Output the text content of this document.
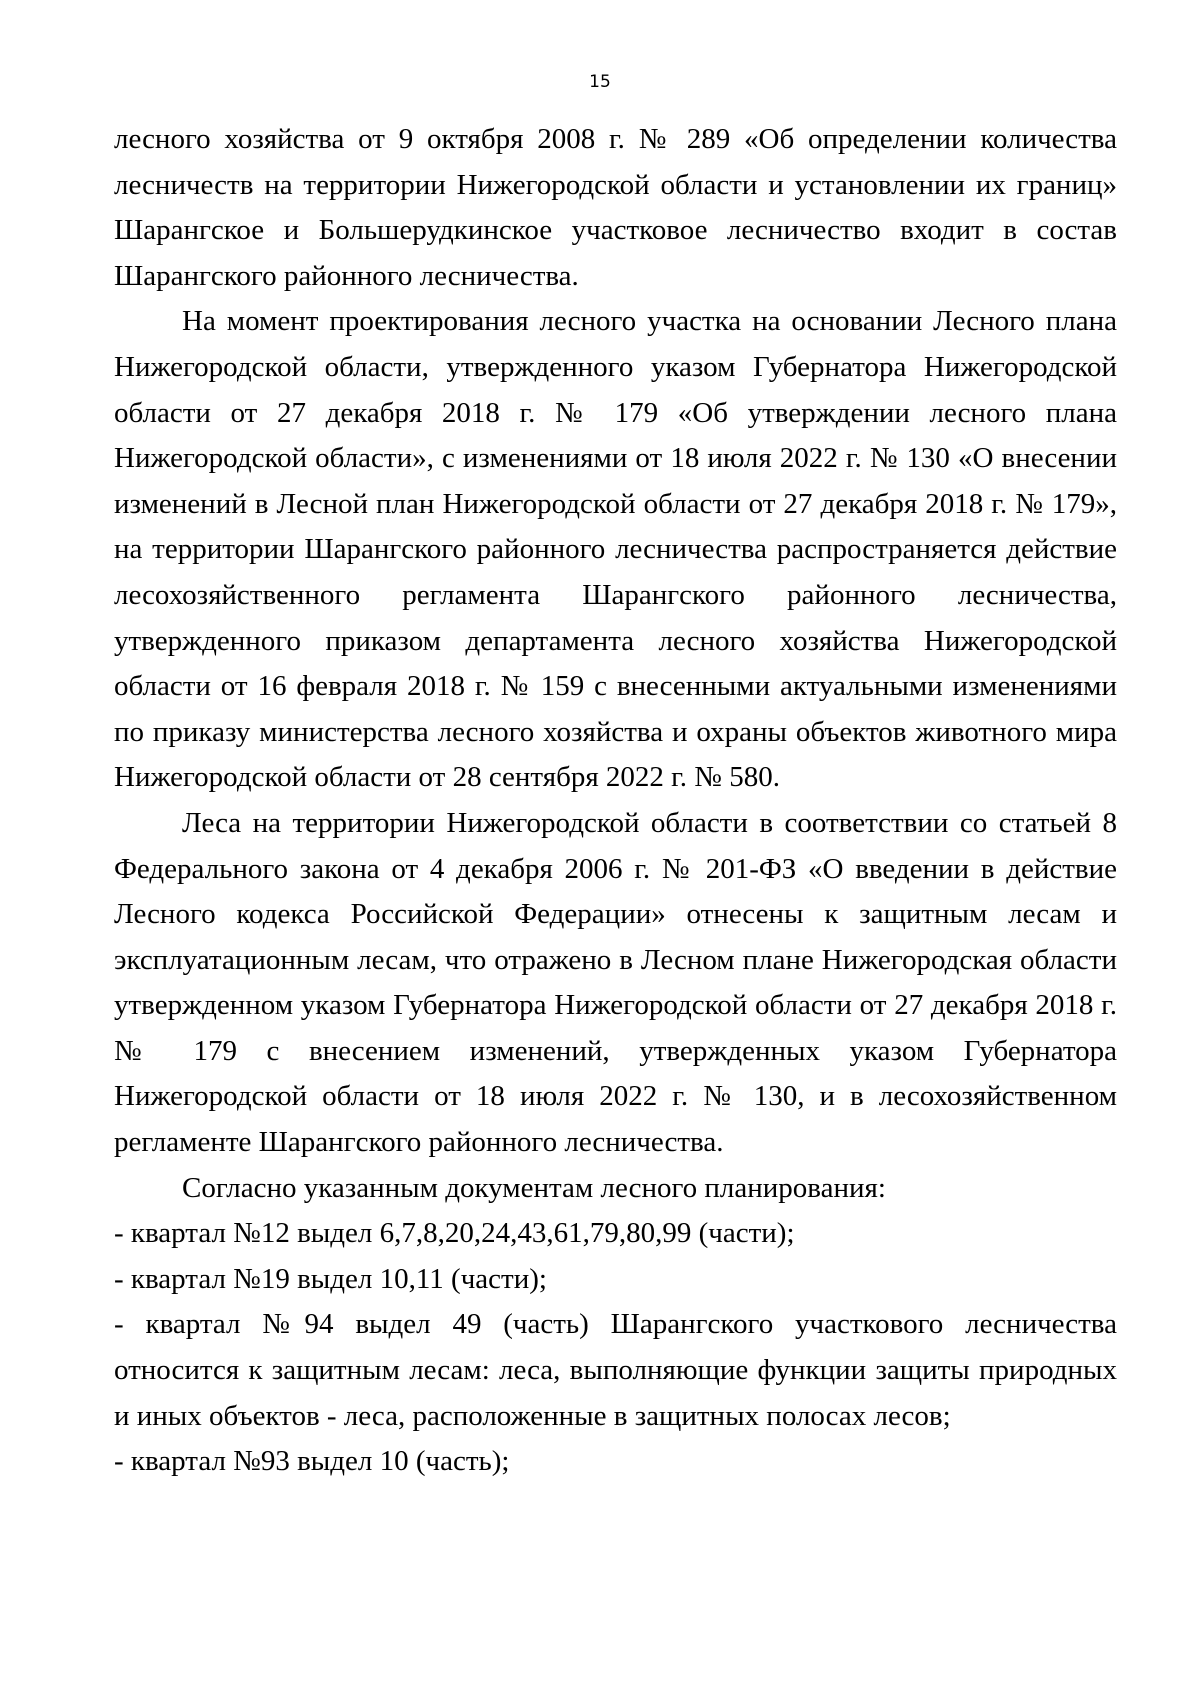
15

лесного хозяйства от 9 октября 2008 г. № 289 «Об определении количества лесничеств на территории Нижегородской области и установлении их границ» Шарангское и Большерудкинское участковое лесничество входит в состав Шарангского районного лесничества.

На момент проектирования лесного участка на основании Лесного плана Нижегородской области, утвержденного указом Губернатора Нижегородской области от 27 декабря 2018 г. № 179 «Об утверждении лесного плана Нижегородской области», с изменениями от 18 июля 2022 г. № 130 «О внесении изменений в Лесной план Нижегородской области от 27 декабря 2018 г. № 179», на территории Шарангского районного лесничества распространяется действие лесохозяйственного регламента Шарангского районного лесничества, утвержденного приказом департамента лесного хозяйства Нижегородской области от 16 февраля 2018 г. № 159 с внесенными актуальными изменениями по приказу министерства лесного хозяйства и охраны объектов животного мира Нижегородской области от 28 сентября 2022 г. № 580.

Леса на территории Нижегородской области в соответствии со статьей 8 Федерального закона от 4 декабря 2006 г. № 201-ФЗ «О введении в действие Лесного кодекса Российской Федерации» отнесены к защитным лесам и эксплуатационным лесам, что отражено в Лесном плане Нижегородская области утвержденном указом Губернатора Нижегородской области от 27 декабря 2018 г. № 179 с внесением изменений, утвержденных указом Губернатора Нижегородской области от 18 июля 2022 г. № 130, и в лесохозяйственном регламенте Шарангского районного лесничества.

Согласно указанным документам лесного планирования:

- квартал №12 выдел 6,7,8,20,24,43,61,79,80,99 (части);

- квартал №19 выдел 10,11 (части);

- квартал №94 выдел 49 (часть) Шарангского участкового лесничества относится к защитным лесам: леса, выполняющие функции защиты природных и иных объектов - леса, расположенные в защитных полосах лесов;

- квартал №93 выдел 10 (часть);
